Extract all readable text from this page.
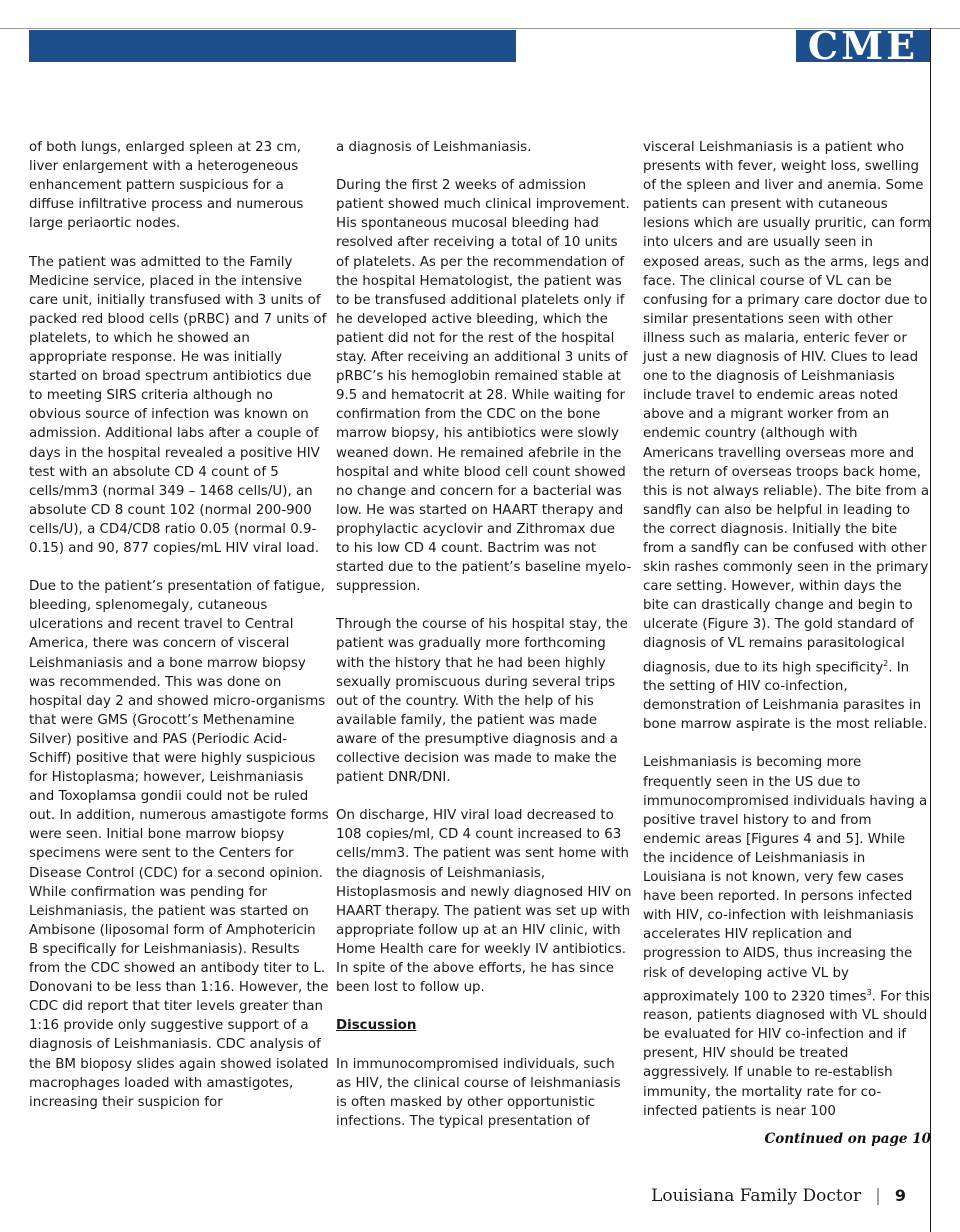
CME

of both lungs, enlarged spleen at 23 cm, liver enlargement with a heterogeneous enhancement pattern suspicious for a diffuse infiltrative process and numerous large periaortic nodes.

The patient was admitted to the Family Medicine service, placed in the intensive care unit, initially transfused with 3 units of packed red blood cells (pRBC) and 7 units of platelets, to which he showed an appropriate response. He was initially started on broad spectrum antibiotics due to meeting SIRS criteria although no obvious source of infection was known on admission. Additional labs after a couple of days in the hospital revealed a positive HIV test with an absolute CD 4 count of 5 cells/mm3 (normal 349 – 1468 cells/U), an absolute CD 8 count 102 (normal 200-900 cells/U), a CD4/CD8 ratio 0.05 (normal 0.9-0.15) and 90, 877 copies/mL HIV viral load.

Due to the patient’s presentation of fatigue, bleeding, splenomegaly, cutaneous ulcerations and recent travel to Central America, there was concern of visceral Leishmaniasis and a bone marrow biopsy was recommended. This was done on hospital day 2 and showed micro-organisms that were GMS (Grocott’s Methenamine Silver) positive and PAS (Periodic Acid-Schiff) positive that were highly suspicious for Histoplasma; however, Leishmaniasis and Toxoplamsa gondii could not be ruled out. In addition, numerous amastigote forms were seen. Initial bone marrow biopsy specimens were sent to the Centers for Disease Control (CDC) for a second opinion. While confirmation was pending for Leishmaniasis, the patient was started on Ambisone (liposomal form of Amphotericin B specifically for Leishmaniasis). Results from the CDC showed an antibody titer to L. Donovani to be less than 1:16. However, the CDC did report that titer levels greater than 1:16 provide only suggestive support of a diagnosis of Leishmaniasis. CDC analysis of the BM bioposy slides again showed isolated macrophages loaded with amastigotes, increasing their suspicion for

a diagnosis of Leishmaniasis.

During the first 2 weeks of admission patient showed much clinical improvement. His spontaneous mucosal bleeding had resolved after receiving a total of 10 units of platelets. As per the recommendation of the hospital Hematologist, the patient was to be transfused additional platelets only if he developed active bleeding, which the patient did not for the rest of the hospital stay. After receiving an additional 3 units of pRBC’s his hemoglobin remained stable at 9.5 and hematocrit at 28. While waiting for confirmation from the CDC on the bone marrow biopsy, his antibiotics were slowly weaned down. He remained afebrile in the hospital and white blood cell count showed no change and concern for a bacterial was low. He was started on HAART therapy and prophylactic acyclovir and Zithromax due to his low CD 4 count. Bactrim was not started due to the patient’s baseline myelo-suppression.

Through the course of his hospital stay, the patient was gradually more forthcoming with the history that he had been highly sexually promiscuous during several trips out of the country. With the help of his available family, the patient was made aware of the presumptive diagnosis and a collective decision was made to make the patient DNR/DNI.

On discharge, HIV viral load decreased to 108 copies/ml, CD 4 count increased to 63 cells/mm3. The patient was sent home with the diagnosis of Leishmaniasis, Histoplasmosis and newly diagnosed HIV on HAART therapy. The patient was set up with appropriate follow up at an HIV clinic, with Home Health care for weekly IV antibiotics. In spite of the above efforts, he has since been lost to follow up.

Discussion

In immunocompromised individuals, such as HIV, the clinical course of leishmaniasis is often masked by other opportunistic infections. The typical presentation of

visceral Leishmaniasis is a patient who presents with fever, weight loss, swelling of the spleen and liver and anemia. Some patients can present with cutaneous lesions which are usually pruritic, can form into ulcers and are usually seen in exposed areas, such as the arms, legs and face. The clinical course of VL can be confusing for a primary care doctor due to similar presentations seen with other illness such as malaria, enteric fever or just a new diagnosis of HIV. Clues to lead one to the diagnosis of Leishmaniasis include travel to endemic areas noted above and a migrant worker from an endemic country (although with Americans travelling overseas more and the return of overseas troops back home, this is not always reliable). The bite from a sandfly can also be helpful in leading to the correct diagnosis. Initially the bite from a sandfly can be confused with other skin rashes commonly seen in the primary care setting. However, within days the bite can drastically change and begin to ulcerate (Figure 3). The gold standard of diagnosis of VL remains parasitological diagnosis, due to its high specificity$^2$. In the setting of HIV co-infection, demonstration of Leishmania parasites in bone marrow aspirate is the most reliable.

Leishmaniasis is becoming more frequently seen in the US due to immunocompromised individuals having a positive travel history to and from endemic areas [Figures 4 and 5]. While the incidence of Leishmaniasis in Louisiana is not known, very few cases have been reported. In persons infected with HIV, co-infection with leishmaniasis accelerates HIV replication and progression to AIDS, thus increasing the risk of developing active VL by approximately 100 to 2320 times$^3$. For this reason, patients diagnosed with VL should be evaluated for HIV co-infection and if present, HIV should be treated aggressively. If unable to re-establish immunity, the mortality rate for co-infected patients is near 100

Continued on page 10
Louisiana Family Doctor | 9
